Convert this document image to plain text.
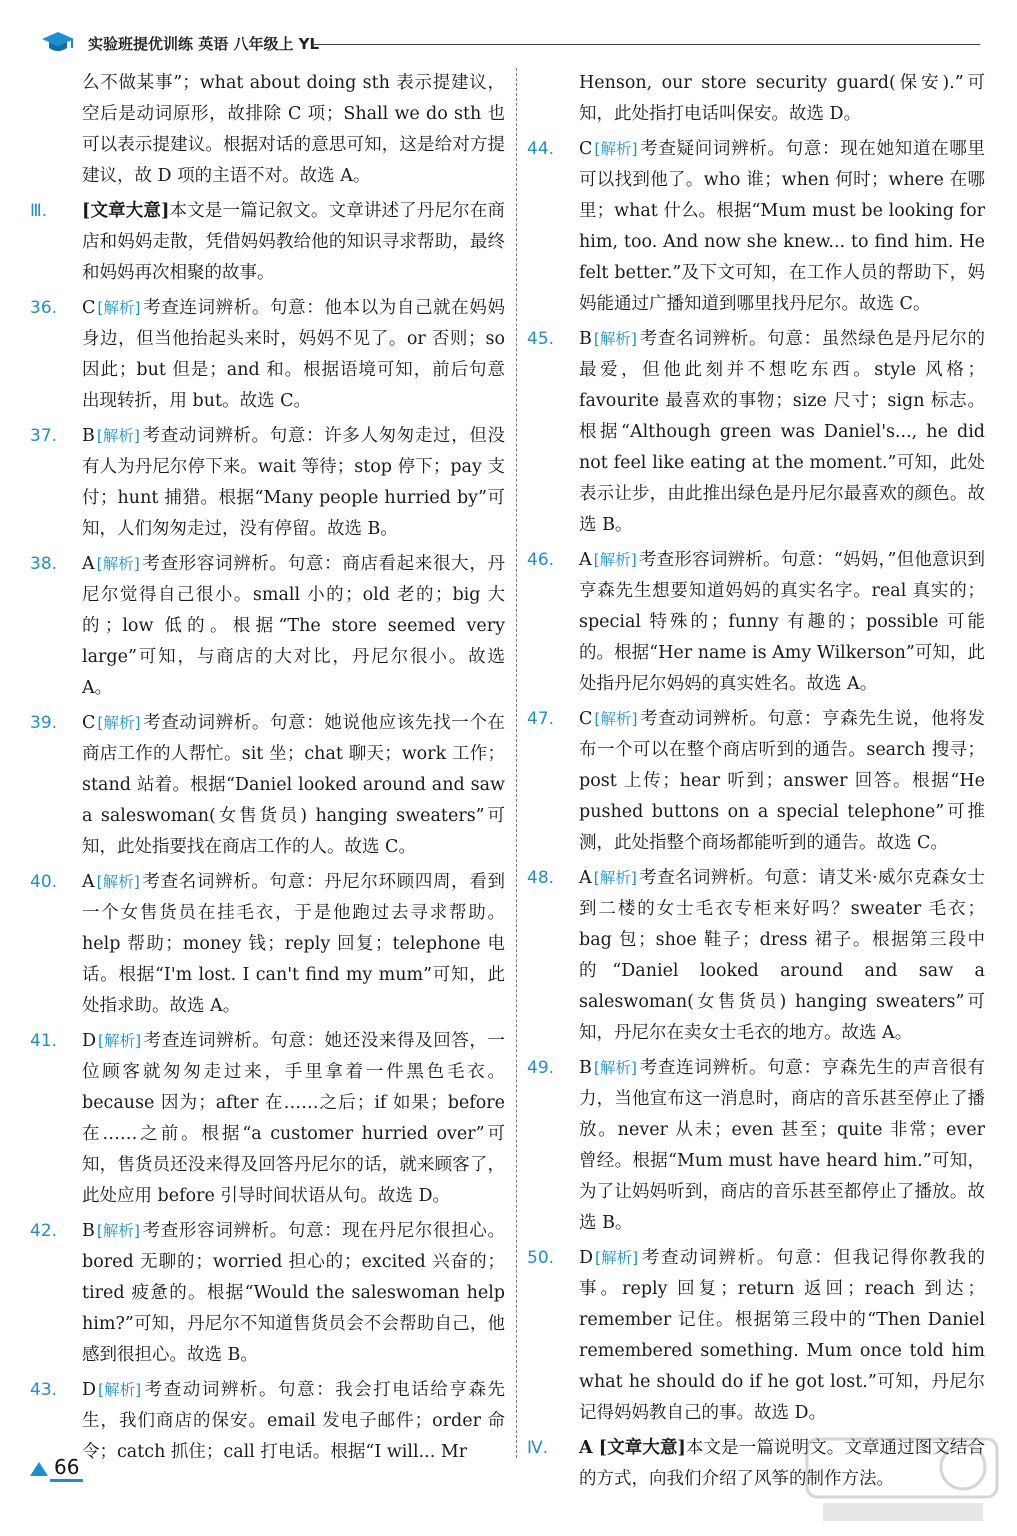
实验班提优训练 英语 八年级上 YL
么不做某事”；what about doing sth 表示提建议，空后是动词原形，故排除 C 项；Shall we do sth 也可以表示提建议。根据对话的意思可知，这是给对方提建议，故 D 项的主语不对。故选 A。
Ⅲ. [文章大意]本文是一篇记叙文。文章讲述了丹尼尔在商店和妈妈走散，凭借妈妈教给他的知识寻求帮助，最终和妈妈再次相聚的故事。
36. C [解析] 考查连词辨析。句意：他本以为自己就在妈妈身边，但当他抬起头来时，妈妈不见了。or 否则；so 因此；but 但是；and 和。根据语境可知，前后句意出现转折，用 but。故选 C。
37. B [解析] 考查动词辨析。句意：许多人匆匆走过，但没有人为丹尼尔停下来。wait 等待；stop 停下；pay 支付；hunt 捕猎。根据“Many people hurried by”可知，人们匆匆走过，没有停留。故选 B。
38. A [解析] 考查形容词辨析。句意：商店看起来很大，丹尼尔觉得自己很小。small 小的；old 老的；big 大的；low 低的。根据“The store seemed very large”可知，与商店的大对比，丹尼尔很小。故选 A。
39. C [解析] 考查动词辨析。句意：她说他应该先找一个在商店工作的人帮忙。sit 坐；chat 聊天；work 工作；stand 站着。根据“Daniel looked around and saw a saleswoman(女售货员) hanging sweaters”可知，此处指要找在商店工作的人。故选 C。
40. A [解析] 考查名词辨析。句意：丹尼尔环顾四周，看到一个女售货员在挂毛衣，于是他跑过去寻求帮助。help 帮助；money 钱；reply 回复；telephone 电话。根据“I'm lost. I can't find my mum”可知，此处指求助。故选 A。
41. D [解析] 考查连词辨析。句意：她还没来得及回答，一位顾客就匆匆走过来，手里拿着一件黑色毛衣。because 因为；after 在……之后；if 如果；before 在……之前。根据“a customer hurried over”可知，售货员还没来得及回答丹尼尔的话，就来顾客了，此处应用 before 引导时间状语从句。故选 D。
42. B [解析] 考查形容词辨析。句意：现在丹尼尔很担心。bored 无聊的；worried 担心的；excited 兴奋的；tired 疲惫的。根据“Would the saleswoman help him?”可知，丹尼尔不知道售货员会不会帮助自己，他感到很担心。故选 B。
43. D [解析] 考查动词辨析。句意：我会打电话给亨森先生，我们商店的保安。email 发电子邮件；order 命令；catch 抓住；call 打电话。根据“I will... Mr
Henson, our store security guard(保安).”可知，此处指打电话叫保安。故选 D。
44. C [解析] 考查疑问词辨析。句意：现在她知道在哪里可以找到他了。who 谁；when 何时；where 在哪里；what 什么。根据“Mum must be looking for him, too. And now she knew... to find him. He felt better.”及下文可知，在工作人员的帮助下，妈妈能通过广播知道到哪里找丹尼尔。故选 C。
45. B [解析] 考查名词辨析。句意：虽然绿色是丹尼尔的最爱，但他此刻并不想吃东西。style 风格；favourite 最喜欢的事物；size 尺寸；sign 标志。根据“Although green was Daniel's..., he did not feel like eating at the moment.”可知，此处表示让步，由此推出绿色是丹尼尔最喜欢的颜色。故选 B。
46. A [解析] 考查形容词辨析。句意：“妈妈，”但他意识到亨森先生想要知道妈妈的真实名字。real 真实的；special 特殊的；funny 有趣的；possible 可能的。根据“Her name is Amy Wilkerson”可知，此处指丹尼尔妈妈的真实姓名。故选 A。
47. C [解析] 考查动词辨析。句意：亨森先生说，他将发布一个可以在整个商店听到的通告。search 搜寻；post 上传；hear 听到；answer 回答。根据“He pushed buttons on a special telephone”可推测，此处指整个商场都能听到的通告。故选 C。
48. A [解析] 考查名词辨析。句意：请艾米·威尔克森女士到二楼的女士毛衣专柜来好吗？sweater 毛衣；bag 包；shoe 鞋子；dress 裙子。根据第三段中的“Daniel looked around and saw a saleswoman(女售货员) hanging sweaters”可知，丹尼尔在卖女士毛衣的地方。故选 A。
49. B [解析] 考查连词辨析。句意：亨森先生的声音很有力，当他宣布这一消息时，商店的音乐甚至停止了播放。never 从未；even 甚至；quite 非常；ever 曾经。根据“Mum must have heard him.”可知，为了让妈妈听到，商店的音乐甚至都停止了播放。故选 B。
50. D [解析] 考查动词辨析。句意：但我记得你教我的事。reply 回复；return 返回；reach 到达；remember 记住。根据第三段中的“Then Daniel remembered something. Mum once told him what he should do if he got lost.”可知，丹尼尔记得妈妈教自己的事。故选 D。
Ⅳ. A [文章大意]本文是一篇说明文。文章通过图文结合的方式，向我们介绍了风筝的制作方法。
66
